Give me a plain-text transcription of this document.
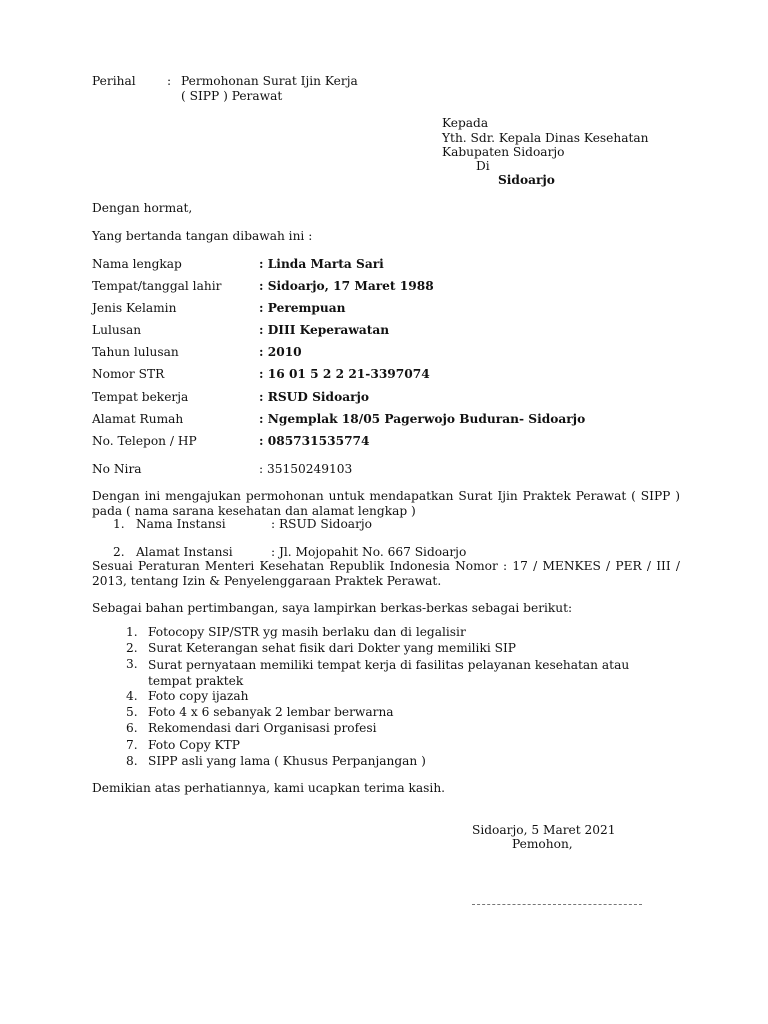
Perihal	: Permohonan Surat Ijin Kerja
( SIPP ) Perawat
Kepada
Yth. Sdr. Kepala Dinas Kesehatan
Kabupaten Sidoarjo
Di
Sidoarjo
Dengan hormat,
Yang bertanda tangan dibawah ini :
Nama lengkap	: Linda Marta Sari
Tempat/tanggal lahir	: Sidoarjo, 17 Maret 1988
Jenis Kelamin	: Perempuan
Lulusan	: DIII Keperawatan
Tahun lulusan	: 2010
Nomor STR	: 16 01 5 2 2 21-3397074
Tempat bekerja	: RSUD Sidoarjo
Alamat Rumah	: Ngemplak 18/05 Pagerwojo Buduran- Sidoarjo
No. Telepon / HP	: 085731535774
No Nira	: 35150249103
Dengan ini mengajukan permohonan untuk mendapatkan Surat Ijin Praktek Perawat ( SIPP ) pada ( nama sarana kesehatan dan alamat lengkap )
1. Nama Instansi	: RSUD Sidoarjo
2. Alamat Instansi	: Jl. Mojopahit No. 667 Sidoarjo
Sesuai Peraturan Menteri Kesehatan Republik Indonesia Nomor : 17 / MENKES / PER / III / 2013, tentang Izin & Penyelenggaraan Praktek Perawat.
Sebagai bahan pertimbangan, saya lampirkan berkas-berkas sebagai berikut:
1. Fotocopy SIP/STR yg masih berlaku dan di legalisir
2. Surat Keterangan sehat fisik dari Dokter yang memiliki SIP
3. Surat pernyataan memiliki tempat kerja di fasilitas pelayanan kesehatan atau tempat praktek
4. Foto copy ijazah
5. Foto 4 x 6 sebanyak 2 lembar berwarna
6. Rekomendasi dari Organisasi profesi
7. Foto Copy KTP
8. SIPP asli yang lama ( Khusus Perpanjangan )
Demikian atas perhatiannya, kami ucapkan terima kasih.
Sidoarjo, 5 Maret 2021
Pemohon,
